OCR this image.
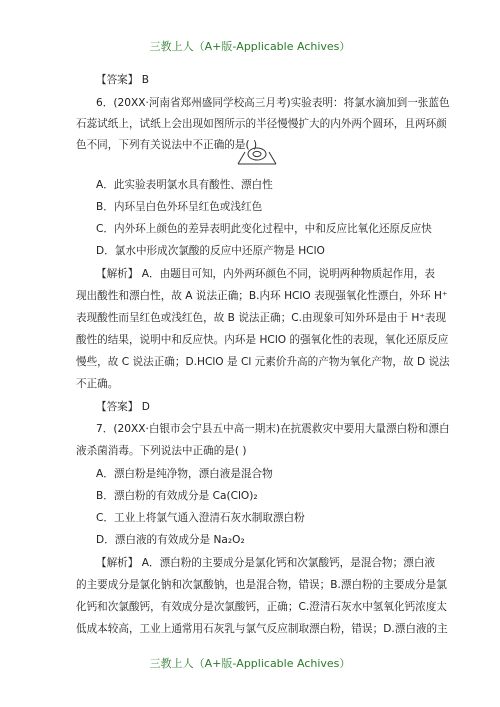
三教上人（A+版-Applicable Achives）
【答案】 B
6．(20XX·河南省郑州盛同学校高三月考)实验表明：将氯水滴加到一张蓝色
石蕊试纸上，试纸上会出现如图所示的半径慢慢扩大的内外两个圆环，且两环颜
色不同，下列有关说法中不正确的是( )
A．此实验表明氯水具有酸性、漂白性
B．内环呈白色外环呈红色或浅红色
C．内外环上颜色的差异表明此变化过程中，中和反应比氧化还原反应快
D．氯水中形成次氯酸的反应中还原产物是 HClO
【解析】 A．由题目可知，内外两环颜色不同，说明两种物质起作用，表
现出酸性和漂白性，故 A 说法正确；B.内环 HClO 表现强氧化性漂白，外环 H⁺
表现酸性而呈红色或浅红色，故 B 说法正确；C.由现象可知外环是由于 H⁺表现
酸性的结果，说明中和反应快。内环是 HClO 的强氧化性的表现，氧化还原反应
慢些，故 C 说法正确；D.HClO 是 Cl 元素价升高的产物为氧化产物，故 D 说法
不正确。
【答案】 D
7．(20XX·白银市会宁县五中高一期末)在抗震救灾中要用大量漂白粉和漂白
液杀菌消毒。下列说法中正确的是( )
A．漂白粉是纯净物，漂白液是混合物
B．漂白粉的有效成分是 Ca(ClO)₂
C．工业上将氯气通入澄清石灰水制取漂白粉
D．漂白液的有效成分是 Na₂O₂
【解析】 A．漂白粉的主要成分是氯化钙和次氯酸钙，是混合物；漂白液
的主要成分是氯化钠和次氯酸钠，也是混合物，错误；B.漂白粉的主要成分是氯
化钙和次氯酸钙，有效成分是次氯酸钙，正确；C.澄清石灰水中氢氧化钙浓度太
低成本较高，工业上通常用石灰乳与氯气反应制取漂白粉，错误；D.漂白液的主
三教上人（A+版-Applicable Achives）
